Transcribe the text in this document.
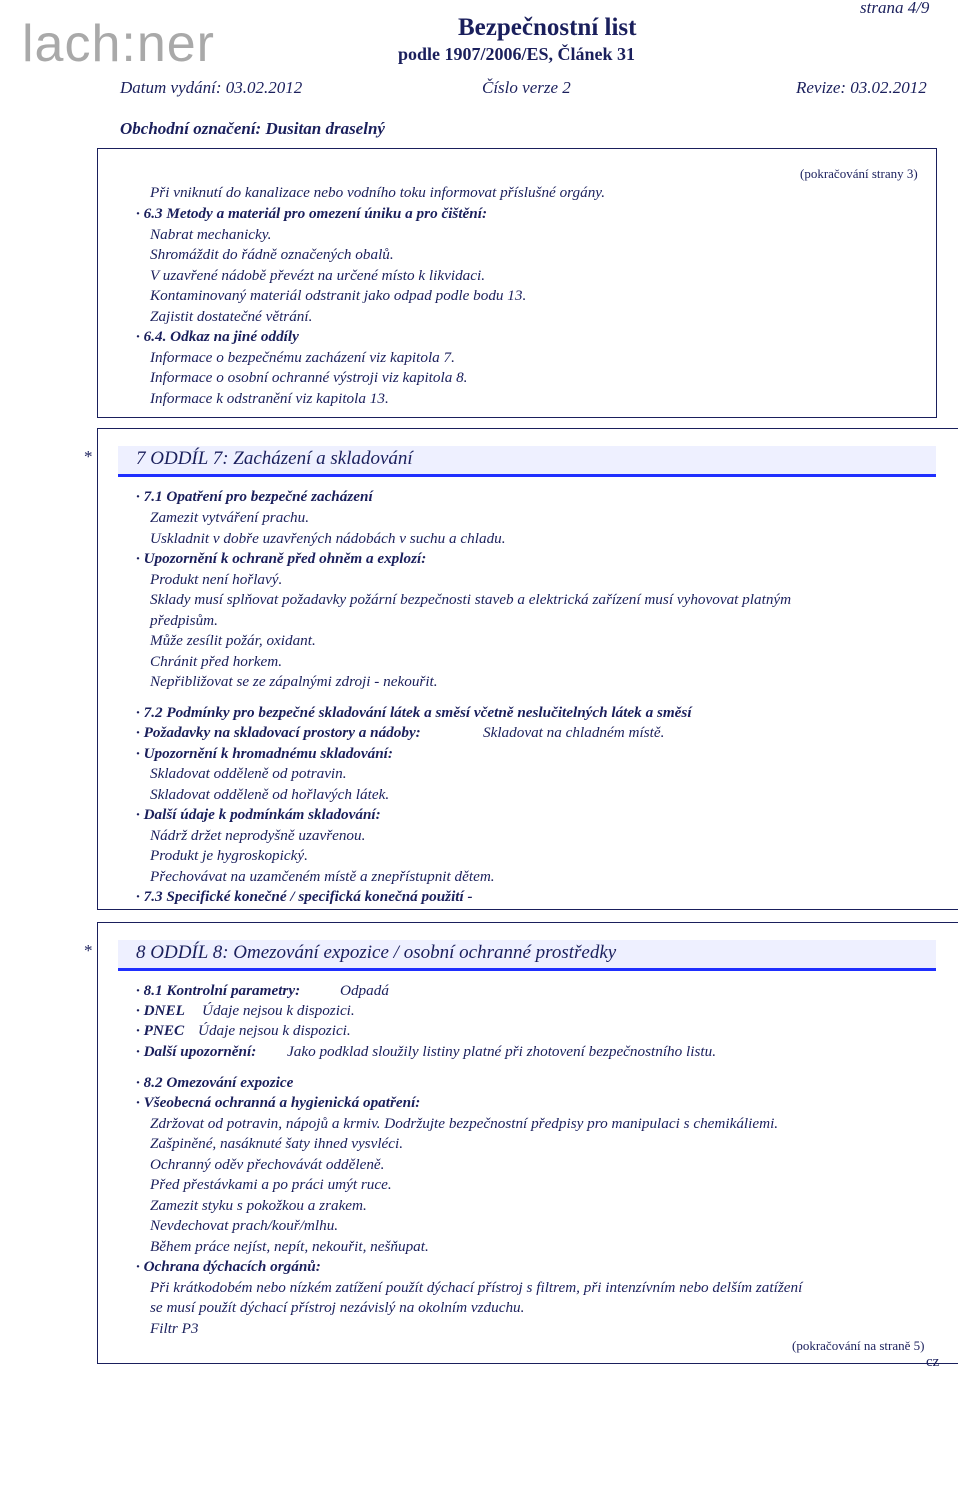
lach:ner
strana 4/9
Bezpečnostní list
podle 1907/2006/ES, Článek 31
Datum vydání: 03.02.2012	Číslo verze 2	Revize: 03.02.2012
Obchodní označení: Dusitan draselný
(pokračování strany 3)
Při vniknutí do kanalizace nebo vodního toku informovat příslušné orgány.
· 6.3 Metody a materiál pro omezení úniku a pro čištění:
Nabrat mechanicky.
Shromáždit do řádně označených obalů.
V uzavřené nádobě převézt na určené místo k likvidaci.
Kontaminovaný materiál odstranit jako odpad podle bodu 13.
Zajistit dostatečné větrání.
· 6.4. Odkaz na jiné oddíly
Informace o bezpečnému zacházení viz kapitola 7.
Informace o osobní ochranné výstroji viz kapitola 8.
Informace k odstranění viz kapitola 13.
* 7 ODDÍL 7: Zacházení a skladování
· 7.1 Opatření pro bezpečné zacházení
Zamezit vytváření prachu.
Uskladnit v dobře uzavřených nádobách v suchu a chladu.
· Upozornění k ochraně před ohněm a explozí:
Produkt není hořlavý.
Sklady musí splňovat požadavky požární bezpečnosti staveb a elektrická zařízení musí vyhovovat platným
předpisům.
Může zesílit požár, oxidant.
Chránit před horkem.
Nepřibližovat se ze zápalnými zdroji - nekouřit.
· 7.2 Podmínky pro bezpečné skladování látek a směsí včetně neslučitelných látek a směsí
· Požadavky na skladovací prostory a nádoby:	Skladovat na chladném místě.
· Upozornění k hromadnému skladování:
Skladovat odděleně od potravin.
Skladovat odděleně od hořlavých látek.
· Další údaje k podmínkám skladování:
Nádrž držet neprodyšně uzavřenou.
Produkt je hygroskopický.
Přechovávat na uzamčeném místě a znepřístupnit dětem.
· 7.3 Specifické konečné / specifická konečná použití -
* 8 ODDÍL 8: Omezování expozice / osobní ochranné prostředky
· 8.1 Kontrolní parametry:	Odpadá
· DNEL Údaje nejsou k dispozici.
· PNEC Údaje nejsou k dispozici.
· Další upozornění: Jako podklad sloužily listiny platné při zhotovení bezpečnostního listu.
· 8.2 Omezování expozice
· Všeobecná ochranná a hygienická opatření:
Zdržovat od potravin, nápojů a krmiv. Dodržujte bezpečnostní předpisy pro manipulaci s chemikáliemi.
Zašpiněné, nasáknuté šaty ihned vysvléci.
Ochranný oděv přechovávát odděleně.
Před přestávkami a po práci umýt ruce.
Zamezit styku s pokožkou a zrakem.
Nevdechovat prach/kouř/mlhu.
Během práce nejíst, nepít, nekouřit, nešňupat.
· Ochrana dýchacích orgánů:
Při krátkodobém nebo nízkém zatížení použít dýchací přístroj s filtrem, při intenzívním nebo delším zatížení
se musí použít dýchací přístroj nezávislý na okolním vzduchu.
Filtr P3
(pokračování na straně 5)
cz
